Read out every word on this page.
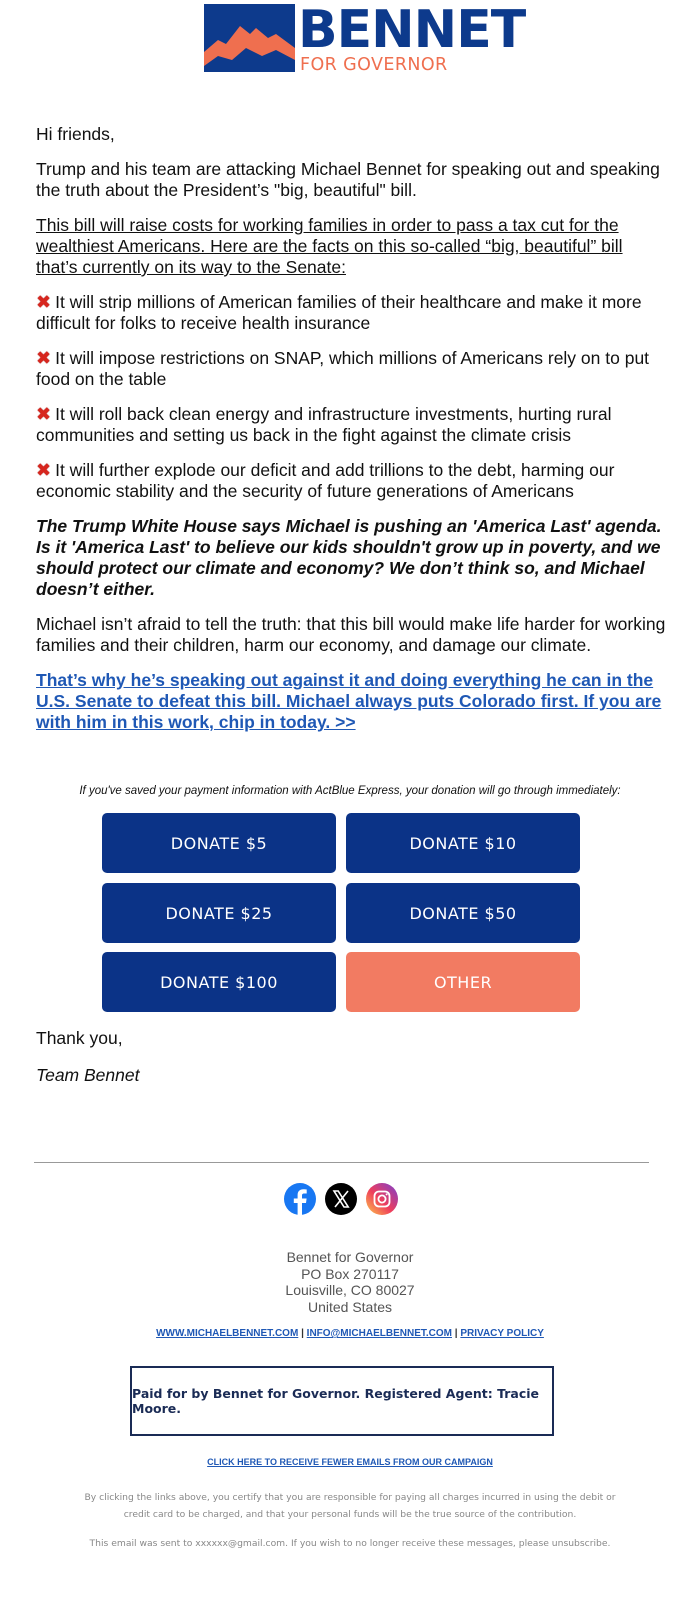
BENNET
FOR GOVERNOR

Hi friends,

Trump and his team are attacking Michael Bennet for speaking out and speaking the truth about the President’s "big, beautiful" bill.

This bill will raise costs for working families in order to pass a tax cut for the wealthiest Americans. Here are the facts on this so-called “big, beautiful” bill that’s currently on its way to the Senate:

✖ It will strip millions of American families of their healthcare and make it more difficult for folks to receive health insurance

✖ It will impose restrictions on SNAP, which millions of Americans rely on to put food on the table

✖ It will roll back clean energy and infrastructure investments, hurting rural communities and setting us back in the fight against the climate crisis

✖ It will further explode our deficit and add trillions to the debt, harming our economic stability and the security of future generations of Americans

The Trump White House says Michael is pushing an 'America Last' agenda. Is it 'America Last' to believe our kids shouldn't grow up in poverty, and we should protect our climate and economy? We don’t think so, and Michael doesn’t either.

Michael isn’t afraid to tell the truth: that this bill would make life harder for working families and their children, harm our economy, and damage our climate.

That’s why he’s speaking out against it and doing everything he can in the U.S. Senate to defeat this bill. Michael always puts Colorado first. If you are with him in this work, chip in today. >>

If you've saved your payment information with ActBlue Express, your donation will go through immediately:
DONATE $5	DONATE $10
DONATE $25	DONATE $50
DONATE $100	OTHER
Thank you,
Team Bennet
Bennet for Governor
PO Box 270117
Louisville, CO 80027
United States
WWW.MICHAELBENNET.COM | INFO@MICHAELBENNET.COM | PRIVACY POLICY
Paid for by Bennet for Governor. Registered Agent: Tracie Moore.
CLICK HERE TO RECEIVE FEWER EMAILS FROM OUR CAMPAIGN
By clicking the links above, you certify that you are responsible for paying all charges incurred in using the debit or credit card to be charged, and that your personal funds will be the true source of the contribution.
This email was sent to xxxxxx@gmail.com. If you wish to no longer receive these messages, please unsubscribe.
